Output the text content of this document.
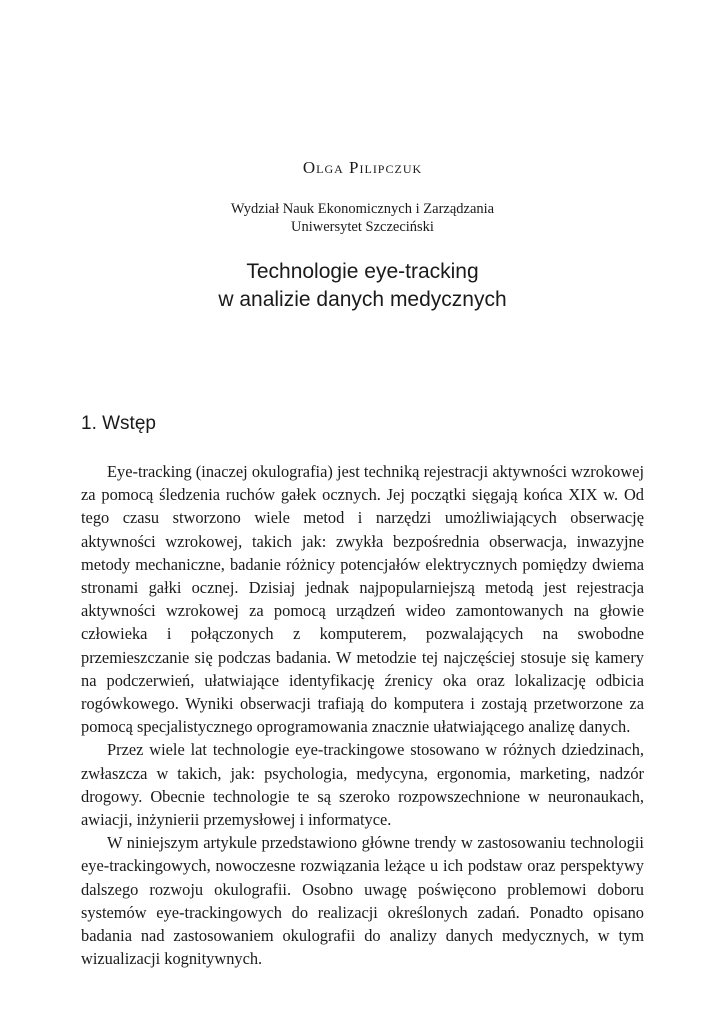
Olga Pilipczuk
Wydział Nauk Ekonomicznych i Zarządzania
Uniwersytet Szczeciński
Technologie eye-tracking
w analizie danych medycznych
1. Wstęp

Eye-tracking (inaczej okulografia) jest techniką rejestracji aktywności wzrokowej za pomocą śledzenia ruchów gałek ocznych. Jej początki sięgają końca XIX w. Od tego czasu stworzono wiele metod i narzędzi umożliwiających obserwację aktywności wzrokowej, takich jak: zwykła bezpośrednia obserwacja, inwazyjne metody mechaniczne, badanie różnicy potencjałów elektrycznych pomiędzy dwiema stronami gałki ocznej. Dzisiaj jednak najpopularniejszą metodą jest rejestracja aktywności wzrokowej za pomocą urządzeń wideo zamontowanych na głowie człowieka i połączonych z komputerem, pozwalających na swobodne przemieszczanie się podczas badania. W metodzie tej najczęściej stosuje się kamery na podczerwień, ułatwiające identyfikację źrenicy oka oraz lokalizację odbicia rogówkowego. Wyniki obserwacji trafiają do komputera i zostają przetworzone za pomocą specjalistycznego oprogramowania znacznie ułatwiającego analizę danych.

Przez wiele lat technologie eye-trackingowe stosowano w różnych dziedzinach, zwłaszcza w takich, jak: psychologia, medycyna, ergonomia, marketing, nadzór drogowy. Obecnie technologie te są szeroko rozpowszechnione w neuronaukach, awiacji, inżynierii przemysłowej i informatyce.

W niniejszym artykule przedstawiono główne trendy w zastosowaniu technologii eye-trackingowych, nowoczesne rozwiązania leżące u ich podstaw oraz perspektywy dalszego rozwoju okulografii. Osobno uwagę poświęcono problemowi doboru systemów eye-trackingowych do realizacji określonych zadań. Ponadto opisano badania nad zastosowaniem okulografii do analizy danych medycznych, w tym wizualizacji kognitywnych.
